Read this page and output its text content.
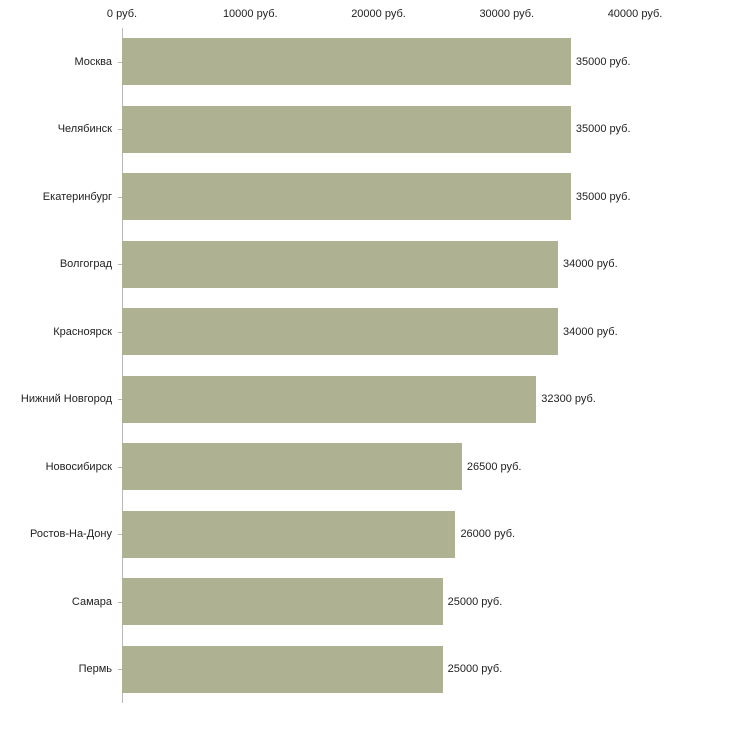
0 руб.	10000 руб.	20000 руб.	30000 руб.	40000 руб.
Москва
Челябинск
Екатеринбург
Волгоград
Красноярск
Нижний Новгород
Новосибирск
Ростов-На-Дону
Самара
Пермь
35000 руб.
35000 руб.
35000 руб.
34000 руб.
34000 руб.
32300 руб.
26500 руб.
26000 руб.
25000 руб.
25000 руб.
